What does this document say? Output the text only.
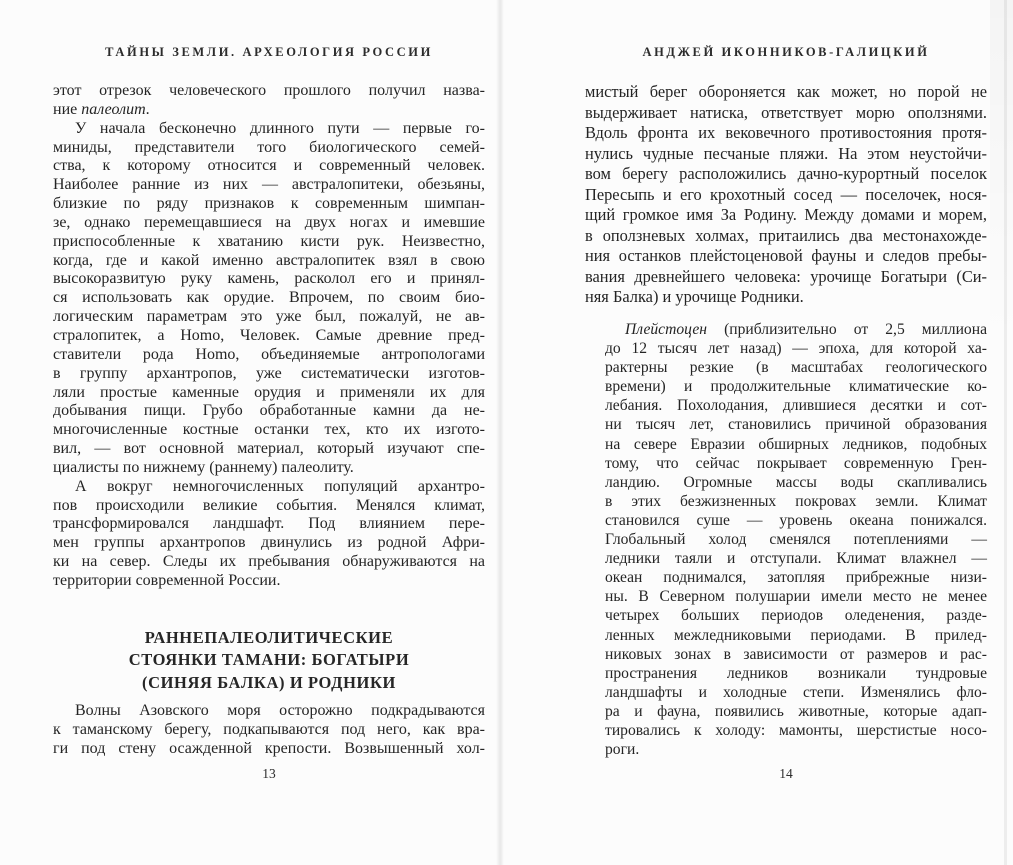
ТАЙНЫ ЗЕМЛИ. АРХЕОЛОГИЯ РОССИИ
этот отрезок человеческого прошлого получил назва-
ние палеолит.
У начала бесконечно длинного пути — первые го-
миниды, представители того биологического семей-
ства, к которому относится и современный человек.
Наиболее ранние из них — австралопитеки, обезьяны,
близкие по ряду признаков к современным шимпан-
зе, однако перемещавшиеся на двух ногах и имевшие
приспособленные к хватанию кисти рук. Неизвестно,
когда, где и какой именно австралопитек взял в свою
высокоразвитую руку камень, расколол его и принял-
ся использовать как орудие. Впрочем, по своим био-
логическим параметрам это уже был, пожалуй, не ав-
стралопитек, а Homo, Человек. Самые древние пред-
ставители рода Homo, объединяемые антропологами
в группу архантропов, уже систематически изготов-
ляли простые каменные орудия и применяли их для
добывания пищи. Грубо обработанные камни да не-
многочисленные костные останки тех, кто их изгото-
вил, — вот основной материал, который изучают спе-
циалисты по нижнему (раннему) палеолиту.
А вокруг немногочисленных популяций архантро-
пов происходили великие события. Менялся климат,
трансформировался ландшафт. Под влиянием пере-
мен группы архантропов двинулись из родной Афри-
ки на север. Следы их пребывания обнаруживаются на
территории современной России.
РАННЕПАЛЕОЛИТИЧЕСКИЕ
СТОЯНКИ ТАМАНИ: БОГАТЫРИ
(СИНЯЯ БАЛКА) И РОДНИКИ
Волны Азовского моря осторожно подкрадываются
к таманскому берегу, подкапываются под него, как вра-
ги под стену осажденной крепости. Возвышенный хол-
13
АНДЖЕЙ ИКОННИКОВ-ГАЛИЦКИЙ
мистый берег обороняется как может, но порой не
выдерживает натиска, ответствует морю оползнями.
Вдоль фронта их вековечного противостояния протя-
нулись чудные песчаные пляжи. На этом неустойчи-
вом берегу расположились дачно-курортный поселок
Пересыпь и его крохотный сосед — поселочек, нося-
щий громкое имя За Родину. Между домами и морем,
в оползневых холмах, притаились два местонахожде-
ния останков плейстоценовой фауны и следов пребы-
вания древнейшего человека: урочище Богатыри (Си-
няя Балка) и урочище Родники.
Плейстоцен (приблизительно от 2,5 миллиона
до 12 тысяч лет назад) — эпоха, для которой ха-
рактерны резкие (в масштабах геологического
времени) и продолжительные климатические ко-
лебания. Похолодания, длившиеся десятки и сот-
ни тысяч лет, становились причиной образования
на севере Евразии обширных ледников, подобных
тому, что сейчас покрывает современную Грен-
ландию. Огромные массы воды скапливались
в этих безжизненных покровах земли. Климат
становился суше — уровень океана понижался.
Глобальный холод сменялся потеплениями —
ледники таяли и отступали. Климат влажнел —
океан поднимался, затопляя прибрежные низи-
ны. В Северном полушарии имели место не менее
четырех больших периодов оледенения, разде-
ленных межледниковыми периодами. В прилед-
никовых зонах в зависимости от размеров и рас-
пространения ледников возникали тундровые
ландшафты и холодные степи. Изменялись фло-
ра и фауна, появились животные, которые адап-
тировались к холоду: мамонты, шерстистые носо-
роги.
14
